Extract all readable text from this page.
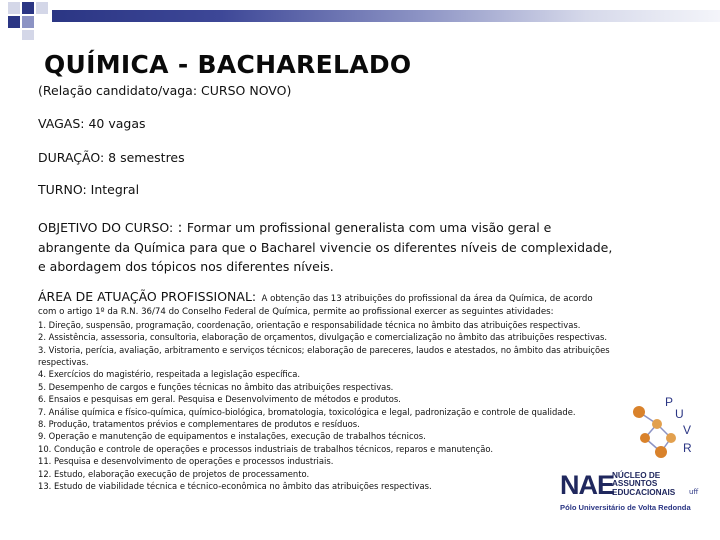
QUÍMICA - BACHARELADO
(Relação candidato/vaga: CURSO NOVO)
VAGAS: 40 vagas
DURAÇÃO: 8 semestres
TURNO: Integral
OBJETIVO DO CURSO: : Formar um profissional generalista com uma visão geral e abrangente da Química para que o Bacharel vivencie os diferentes níveis de complexidade, e abordagem dos tópicos nos diferentes níveis.
ÁREA DE ATUAÇÃO PROFISSIONAL: A obtenção das 13 atribuições do profissional da área da Química, de acordo com o artigo 1º da R.N. 36/74 do Conselho Federal de Química, permite ao profissional exercer as seguintes atividades:
1. Direção, suspensão, programação, coordenação, orientação e responsabilidade técnica no âmbito das atribuições respectivas.
2. Assistência, assessoria, consultoria, elaboração de orçamentos, divulgação e comercialização no âmbito das atribuições respectivas.
3. Vistoria, perícia, avaliação, arbitramento e serviços técnicos; elaboração de pareceres, laudos e atestados, no âmbito das atribuições respectivas.
4. Exercícios do magistério, respeitada a legislação específica.
5. Desempenho de cargos e funções técnicas no âmbito das atribuições respectivas.
6. Ensaios e pesquisas em geral. Pesquisa e Desenvolvimento de métodos e produtos.
7. Análise química e físico-química, químico-biológica, bromatologia, toxicológica e legal, padronização e controle de qualidade.
8. Produção, tratamentos prévios e complementares de produtos e resíduos.
9. Operação e manutenção de equipamentos e instalações, execução de trabalhos técnicos.
10. Condução e controle de operações e processos industriais de trabalhos técnicos, reparos e manutenção.
11. Pesquisa e desenvolvimento de operações e processos industriais.
12. Estudo, elaboração execução de projetos de processamento.
13. Estudo de viabilidade técnica e técnico-econômica no âmbito das atribuições respectivas.
P
U
V
R
NAE
NÚCLEO DE
ASSUNTOS
EDUCACIONAIS uff
Pólo Universitário de Volta Redonda
